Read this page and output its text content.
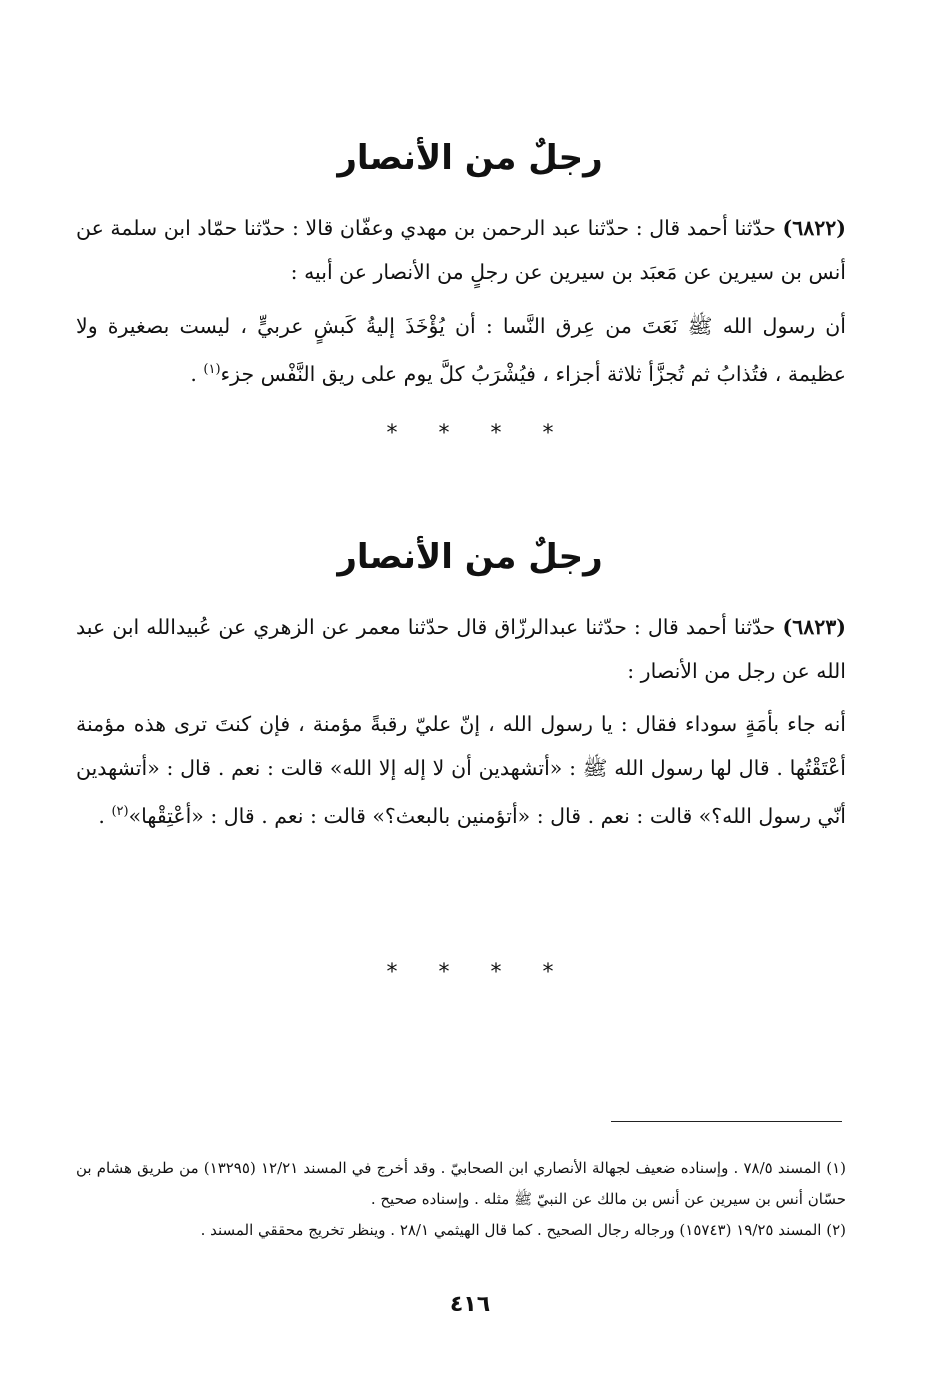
رجلٌ من الأنصار

(٦٨٢٢) حدّثنا أحمد قال : حدّثنا عبد الرحمن بن مهدي وعفّان قالا : حدّثنا حمّاد ابن سلمة عن أنس بن سيرين عن مَعبَد بن سيرين عن رجلٍ من الأنصار عن أبيه :

أن رسول الله ﷺ نَعَتَ من عِرق النَّسا : أن يُؤْخَذَ إليةُ كَبشٍ عربيٍّ ، ليست بصغيرة ولا عظيمة ، فتُذابُ ثم تُجزَّأ ثلاثة أجزاء ، فيُشْرَبُ كلَّ يوم على ريق النَّفْس جزء$^{(١)}$ .

* * * *
رجلٌ من الأنصار

(٦٨٢٣) حدّثنا أحمد قال : حدّثنا عبدالرزّاق قال حدّثنا معمر عن الزهري عن عُبيدالله ابن عبد الله عن رجل من الأنصار :

أنه جاء بأمَةٍ سوداء فقال : يا رسول الله ، إنّ عليّ رقبةً مؤمنة ، فإن كنتَ ترى هذه مؤمنة أعْتَقْتُها . قال لها رسول الله ﷺ : «أتشهدين أن لا إله إلا الله» قالت : نعم . قال : «أتشهدين أنّي رسول الله؟» قالت : نعم . قال : «أتؤمنين بالبعث؟» قالت : نعم . قال : «أعْتِقْها»$^{(٢)}$ .

* * * *

(١) المسند ٧٨/٥ . وإسناده ضعيف لجهالة الأنصاري ابن الصحابيّ . وقد أخرج في المسند ١٢/٢١ (١٣٢٩٥) من طريق هشام بن حسّان أنس بن سيرين عن أنس بن مالك عن النبيّ ﷺ مثله . وإسناده صحيح .

(٢) المسند ١٩/٢٥ (١٥٧٤٣) ورجاله رجال الصحيح . كما قال الهيثمي ٢٨/١ . وينظر تخريج محققي المسند .

٤١٦
